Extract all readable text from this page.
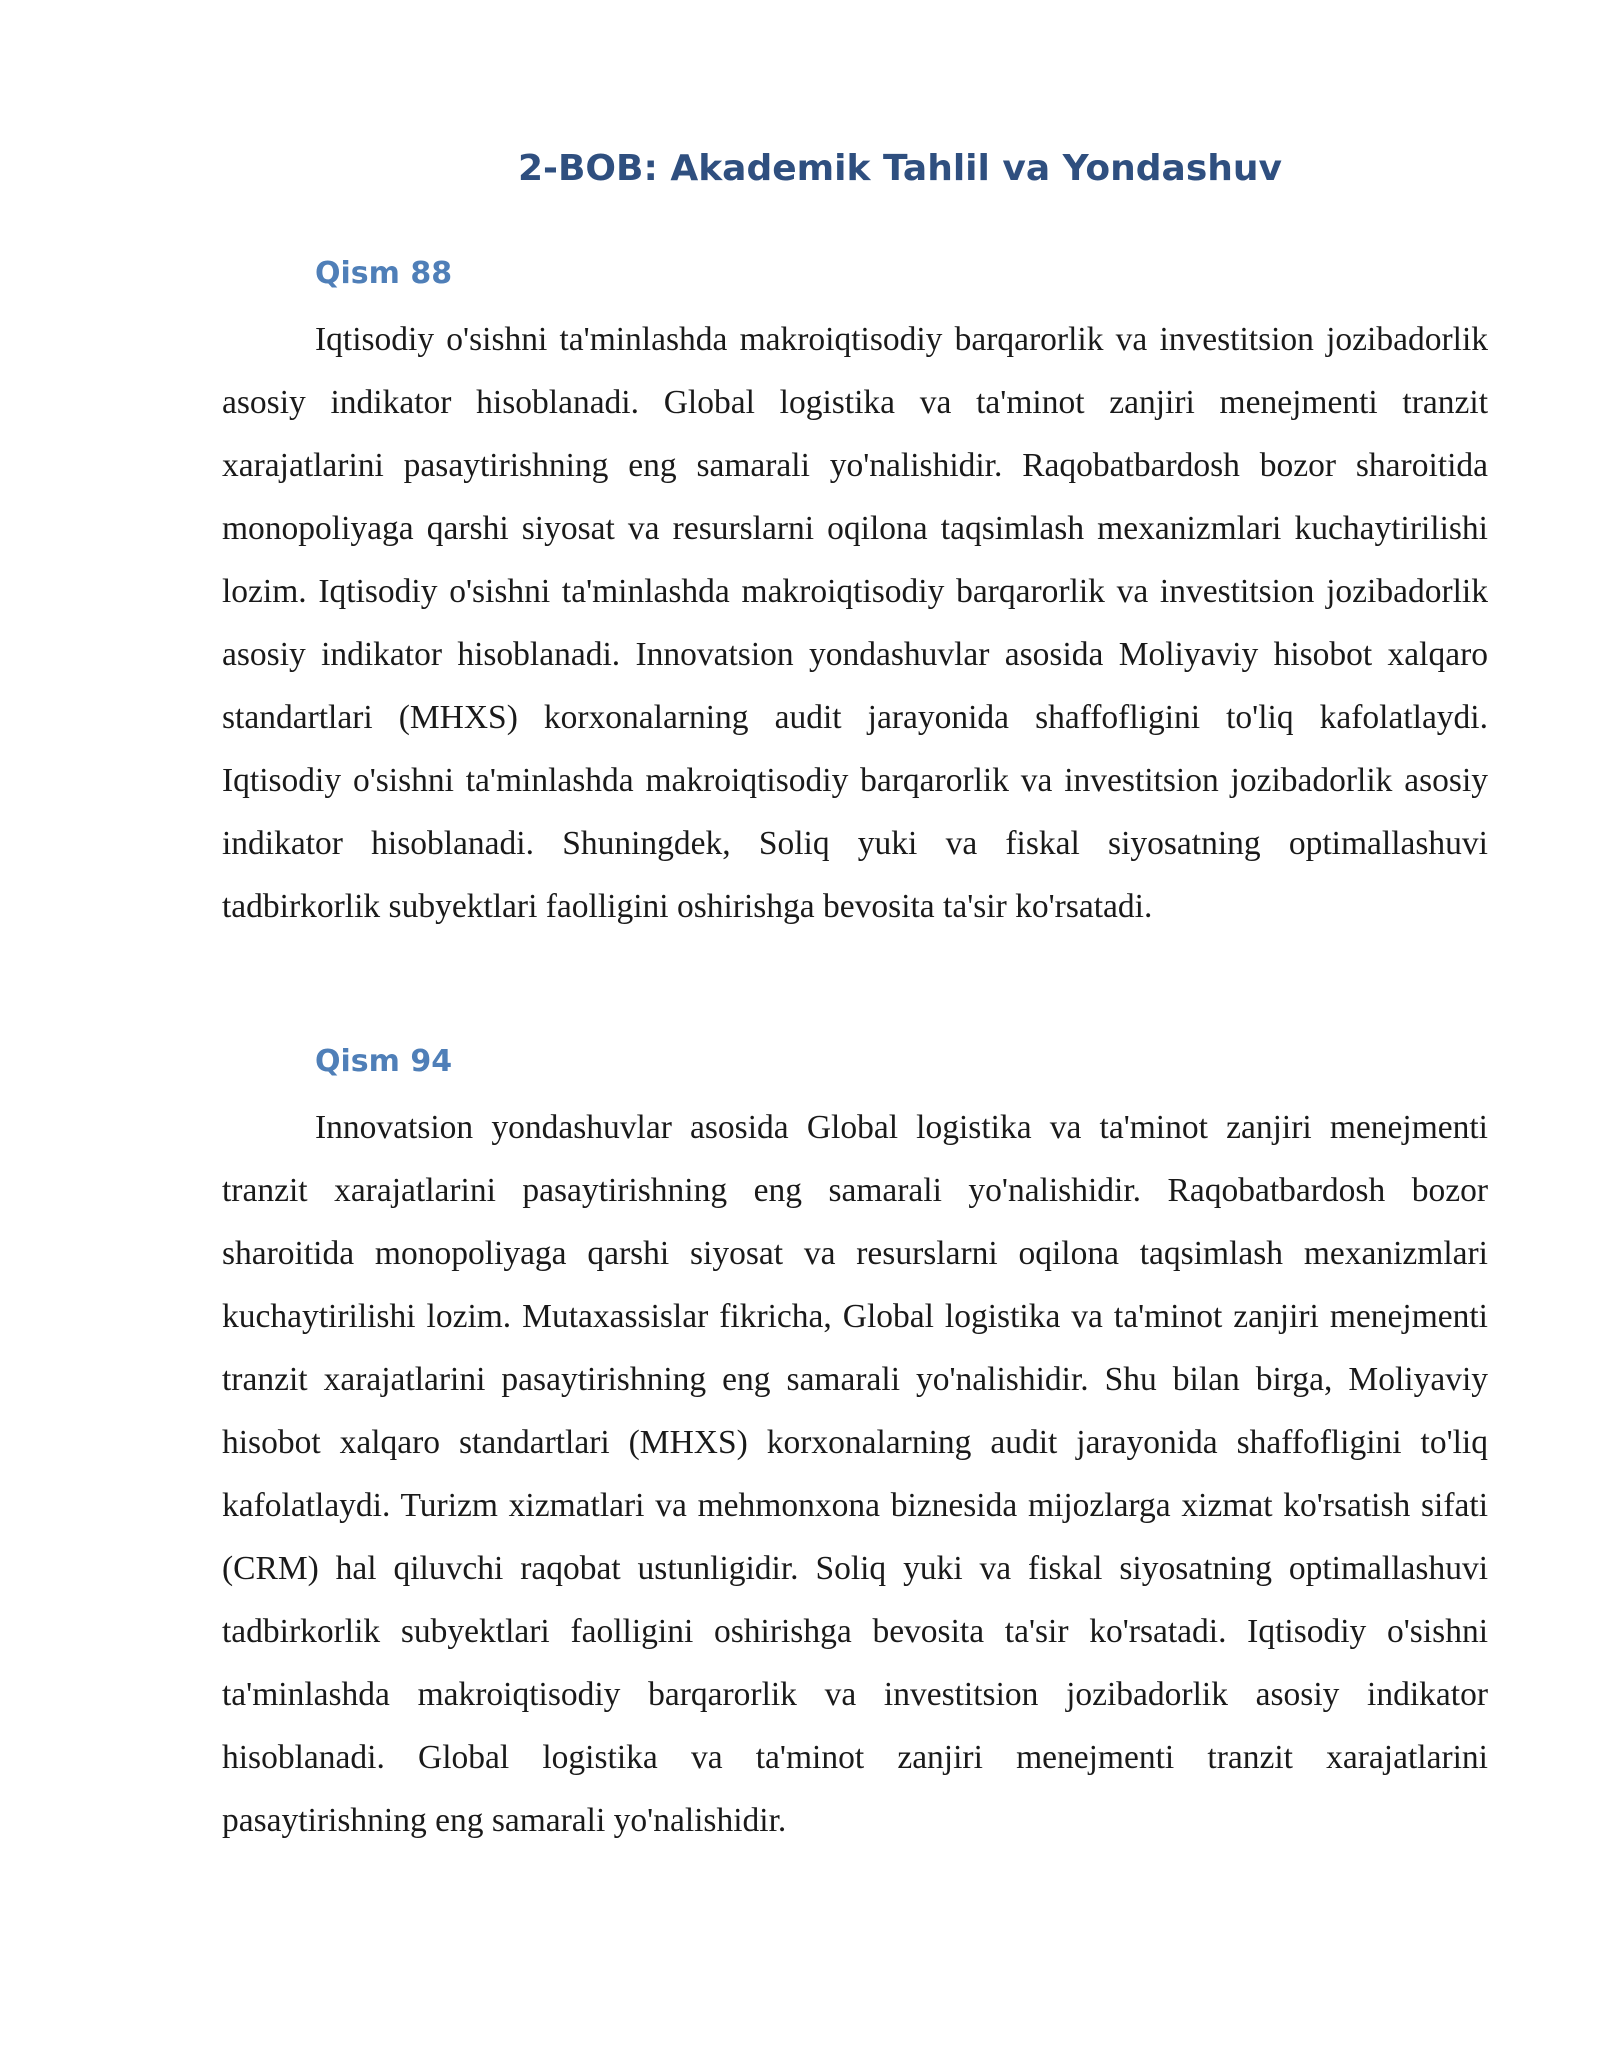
2-BOB: Akademik Tahlil va Yondashuv
Qism 88

Iqtisodiy o'sishni ta'minlashda makroiqtisodiy barqarorlik va investitsion jozibadorlik asosiy indikator hisoblanadi. Global logistika va ta'minot zanjiri menejmenti tranzit xarajatlarini pasaytirishning eng samarali yo'nalishidir. Raqobatbardosh bozor sharoitida monopoliyaga qarshi siyosat va resurslarni oqilona taqsimlash mexanizmlari kuchaytirilishi lozim. Iqtisodiy o'sishni ta'minlashda makroiqtisodiy barqarorlik va investitsion jozibadorlik asosiy indikator hisoblanadi. Innovatsion yondashuvlar asosida Moliyaviy hisobot xalqaro standartlari (MHXS) korxonalarning audit jarayonida shaffofligini to'liq kafolatlaydi. Iqtisodiy o'sishni ta'minlashda makroiqtisodiy barqarorlik va investitsion jozibadorlik asosiy indikator hisoblanadi. Shuningdek, Soliq yuki va fiskal siyosatning optimallashuvi tadbirkorlik subyektlari faolligini oshirishga bevosita ta'sir ko'rsatadi.

Qism 94

Innovatsion yondashuvlar asosida Global logistika va ta'minot zanjiri menejmenti tranzit xarajatlarini pasaytirishning eng samarali yo'nalishidir. Raqobatbardosh bozor sharoitida monopoliyaga qarshi siyosat va resurslarni oqilona taqsimlash mexanizmlari kuchaytirilishi lozim. Mutaxassislar fikricha, Global logistika va ta'minot zanjiri menejmenti tranzit xarajatlarini pasaytirishning eng samarali yo'nalishidir. Shu bilan birga, Moliyaviy hisobot xalqaro standartlari (MHXS) korxonalarning audit jarayonida shaffofligini to'liq kafolatlaydi. Turizm xizmatlari va mehmonxona biznesida mijozlarga xizmat ko'rsatish sifati (CRM) hal qiluvchi raqobat ustunligidir. Soliq yuki va fiskal siyosatning optimallashuvi tadbirkorlik subyektlari faolligini oshirishga bevosita ta'sir ko'rsatadi. Iqtisodiy o'sishni ta'minlashda makroiqtisodiy barqarorlik va investitsion jozibadorlik asosiy indikator hisoblanadi. Global logistika va ta'minot zanjiri menejmenti tranzit xarajatlarini pasaytirishning eng samarali yo'nalishidir.
